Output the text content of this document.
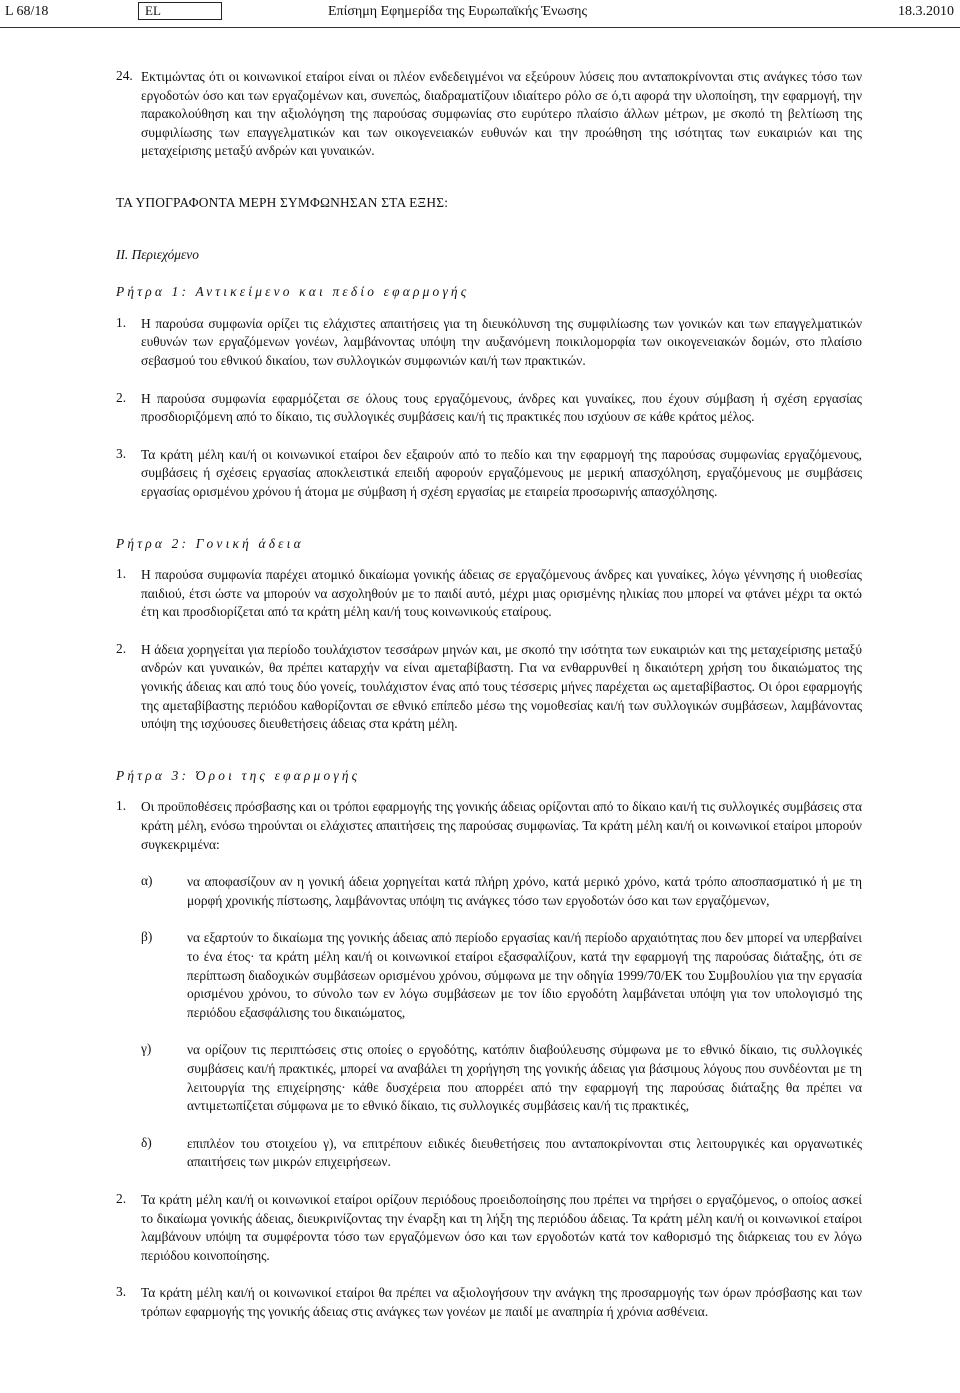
L 68/18	EL	Επίσημη Εφημερίδα της Ευρωπαϊκής Ένωσης	18.3.2010
24. Εκτιμώντας ότι οι κοινωνικοί εταίροι είναι οι πλέον ενδεδειγμένοι να εξεύρουν λύσεις που ανταποκρίνονται στις ανάγκες τόσο των εργοδοτών όσο και των εργαζομένων και, συνεπώς, διαδραματίζουν ιδιαίτερο ρόλο σε ό,τι αφορά την υλοποίηση, την εφαρμογή, την παρακολούθηση και την αξιολόγηση της παρούσας συμφωνίας στο ευρύτερο πλαίσιο άλλων μέτρων, με σκοπό τη βελτίωση της συμφιλίωσης των επαγγελματικών και των οικογενειακών ευθυνών και την προώθηση της ισότητας των ευκαιριών και της μεταχείρισης μεταξύ ανδρών και γυναικών.

ΤΑ ΥΠΟΓΡΑΦΟΝΤΑ ΜΕΡΗ ΣΥΜΦΩΝΗΣΑΝ ΣΤΑ ΕΞΗΣ:

II. Περιεχόμενο

Ρήτρα 1: Αντικείμενο και πεδίο εφαρμογής

1. Η παρούσα συμφωνία ορίζει τις ελάχιστες απαιτήσεις για τη διευκόλυνση της συμφιλίωσης των γονικών και των επαγγελματικών ευθυνών των εργαζόμενων γονέων, λαμβάνοντας υπόψη την αυξανόμενη ποικιλομορφία των οικογενειακών δομών, στο πλαίσιο σεβασμού του εθνικού δικαίου, των συλλογικών συμφωνιών και/ή των πρακτικών.

2. Η παρούσα συμφωνία εφαρμόζεται σε όλους τους εργαζόμενους, άνδρες και γυναίκες, που έχουν σύμβαση ή σχέση εργασίας προσδιοριζόμενη από το δίκαιο, τις συλλογικές συμβάσεις και/ή τις πρακτικές που ισχύουν σε κάθε κράτος μέλος.

3. Τα κράτη μέλη και/ή οι κοινωνικοί εταίροι δεν εξαιρούν από το πεδίο και την εφαρμογή της παρούσας συμφωνίας εργαζόμενους, συμβάσεις ή σχέσεις εργασίας αποκλειστικά επειδή αφορούν εργαζόμενους με μερική απασχόληση, εργαζόμενους με συμβάσεις εργασίας ορισμένου χρόνου ή άτομα με σύμβαση ή σχέση εργασίας με εταιρεία προσωρινής απασχόλησης.

Ρήτρα 2: Γονική άδεια

1. Η παρούσα συμφωνία παρέχει ατομικό δικαίωμα γονικής άδειας σε εργαζόμενους άνδρες και γυναίκες, λόγω γέννησης ή υιοθεσίας παιδιού, έτσι ώστε να μπορούν να ασχοληθούν με το παιδί αυτό, μέχρι μιας ορισμένης ηλικίας που μπορεί να φτάνει μέχρι τα οκτώ έτη και προσδιορίζεται από τα κράτη μέλη και/ή τους κοινωνικούς εταίρους.

2. Η άδεια χορηγείται για περίοδο τουλάχιστον τεσσάρων μηνών και, με σκοπό την ισότητα των ευκαιριών και της μεταχείρισης μεταξύ ανδρών και γυναικών, θα πρέπει καταρχήν να είναι αμεταβίβαστη. Για να ενθαρρυνθεί η δικαιότερη χρήση του δικαιώματος της γονικής άδειας και από τους δύο γονείς, τουλάχιστον ένας από τους τέσσερις μήνες παρέχεται ως αμεταβίβαστος. Οι όροι εφαρμογής της αμεταβίβαστης περιόδου καθορίζονται σε εθνικό επίπεδο μέσω της νομοθεσίας και/ή των συλλογικών συμβάσεων, λαμβάνοντας υπόψη της ισχύουσες διευθετήσεις άδειας στα κράτη μέλη.

Ρήτρα 3: Όροι της εφαρμογής

1. Οι προϋποθέσεις πρόσβασης και οι τρόποι εφαρμογής της γονικής άδειας ορίζονται από το δίκαιο και/ή τις συλλογικές συμβάσεις στα κράτη μέλη, ενόσω τηρούνται οι ελάχιστες απαιτήσεις της παρούσας συμφωνίας. Τα κράτη μέλη και/ή οι κοινωνικοί εταίροι μπορούν συγκεκριμένα:

α)	να αποφασίζουν αν η γονική άδεια χορηγείται κατά πλήρη χρόνο, κατά μερικό χρόνο, κατά τρόπο αποσπασματικό ή με τη μορφή χρονικής πίστωσης, λαμβάνοντας υπόψη τις ανάγκες τόσο των εργοδοτών όσο και των εργαζόμενων,

β)	να εξαρτούν το δικαίωμα της γονικής άδειας από περίοδο εργασίας και/ή περίοδο αρχαιότητας που δεν μπορεί να υπερβαίνει το ένα έτος· τα κράτη μέλη και/ή οι κοινωνικοί εταίροι εξασφαλίζουν, κατά την εφαρμογή της παρούσας διάταξης, ότι σε περίπτωση διαδοχικών συμβάσεων ορισμένου χρόνου, σύμφωνα με την οδηγία 1999/70/ΕΚ του Συμβουλίου για την εργασία ορισμένου χρόνου, το σύνολο των εν λόγω συμβάσεων με τον ίδιο εργοδότη λαμβάνεται υπόψη για τον υπολογισμό της περιόδου εξασφάλισης του δικαιώματος,

γ)	να ορίζουν τις περιπτώσεις στις οποίες ο εργοδότης, κατόπιν διαβούλευσης σύμφωνα με το εθνικό δίκαιο, τις συλλογικές συμβάσεις και/ή πρακτικές, μπορεί να αναβάλει τη χορήγηση της γονικής άδειας για βάσιμους λόγους που συνδέονται με τη λειτουργία της επιχείρησης· κάθε δυσχέρεια που απορρέει από την εφαρμογή της παρούσας διάταξης θα πρέπει να αντιμετωπίζεται σύμφωνα με το εθνικό δίκαιο, τις συλλογικές συμβάσεις και/ή τις πρακτικές,

δ)	επιπλέον του στοιχείου γ), να επιτρέπουν ειδικές διευθετήσεις που ανταποκρίνονται στις λειτουργικές και οργανωτικές απαιτήσεις των μικρών επιχειρήσεων.

2. Τα κράτη μέλη και/ή οι κοινωνικοί εταίροι ορίζουν περιόδους προειδοποίησης που πρέπει να τηρήσει ο εργαζόμενος, ο οποίος ασκεί το δικαίωμα γονικής άδειας, διευκρινίζοντας την έναρξη και τη λήξη της περιόδου άδειας. Τα κράτη μέλη και/ή οι κοινωνικοί εταίροι λαμβάνουν υπόψη τα συμφέροντα τόσο των εργαζόμενων όσο και των εργοδοτών κατά τον καθορισμό της διάρκειας του εν λόγω περιόδου κοινοποίησης.

3. Τα κράτη μέλη και/ή οι κοινωνικοί εταίροι θα πρέπει να αξιολογήσουν την ανάγκη της προσαρμογής των όρων πρόσβασης και των τρόπων εφαρμογής της γονικής άδειας στις ανάγκες των γονέων με παιδί με αναπηρία ή χρόνια ασθένεια.
